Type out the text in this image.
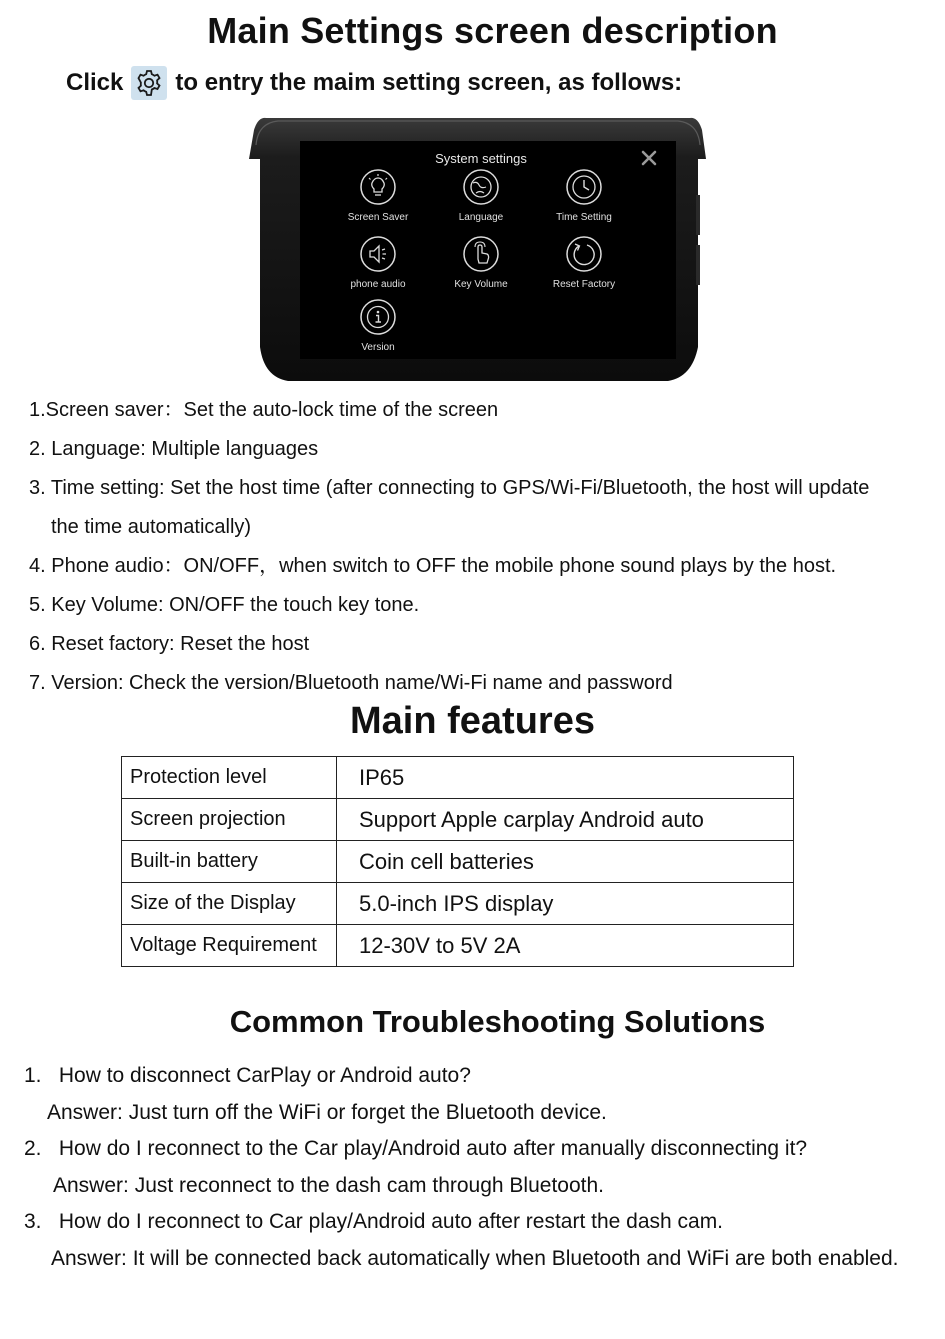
Main Settings screen description
Click to entry the maim setting screen, as follows:
System settings
Screen Saver	Language	Time Setting
phone audio	Key Volume	Reset Factory
Version
1.Screen saver：Set the auto-lock time of the screen
2. Language: Multiple languages
3. Time setting: Set the host time (after connecting to GPS/Wi-Fi/Bluetooth, the host will update
the time automatically)
4. Phone audio：ON/OFF，when switch to OFF the mobile phone sound plays by the host.
5. Key Volume: ON/OFF the touch key tone.
6. Reset factory: Reset the host
7. Version: Check the version/Bluetooth name/Wi-Fi name and password
Main features
Protection level	IP65
Screen projection	Support Apple carplay Android auto
Built-in battery	Coin cell batteries
Size of the Display	5.0-inch IPS display
Voltage Requirement	12-30V to 5V 2A
Common Troubleshooting Solutions
1. How to disconnect CarPlay or Android auto?
Answer: Just turn off the WiFi or forget the Bluetooth device.
2. How do I reconnect to the Car play/Android auto after manually disconnecting it?
Answer: Just reconnect to the dash cam through Bluetooth.
3. How do I reconnect to Car play/Android auto after restart the dash cam.
Answer: It will be connected back automatically when Bluetooth and WiFi are both enabled.
